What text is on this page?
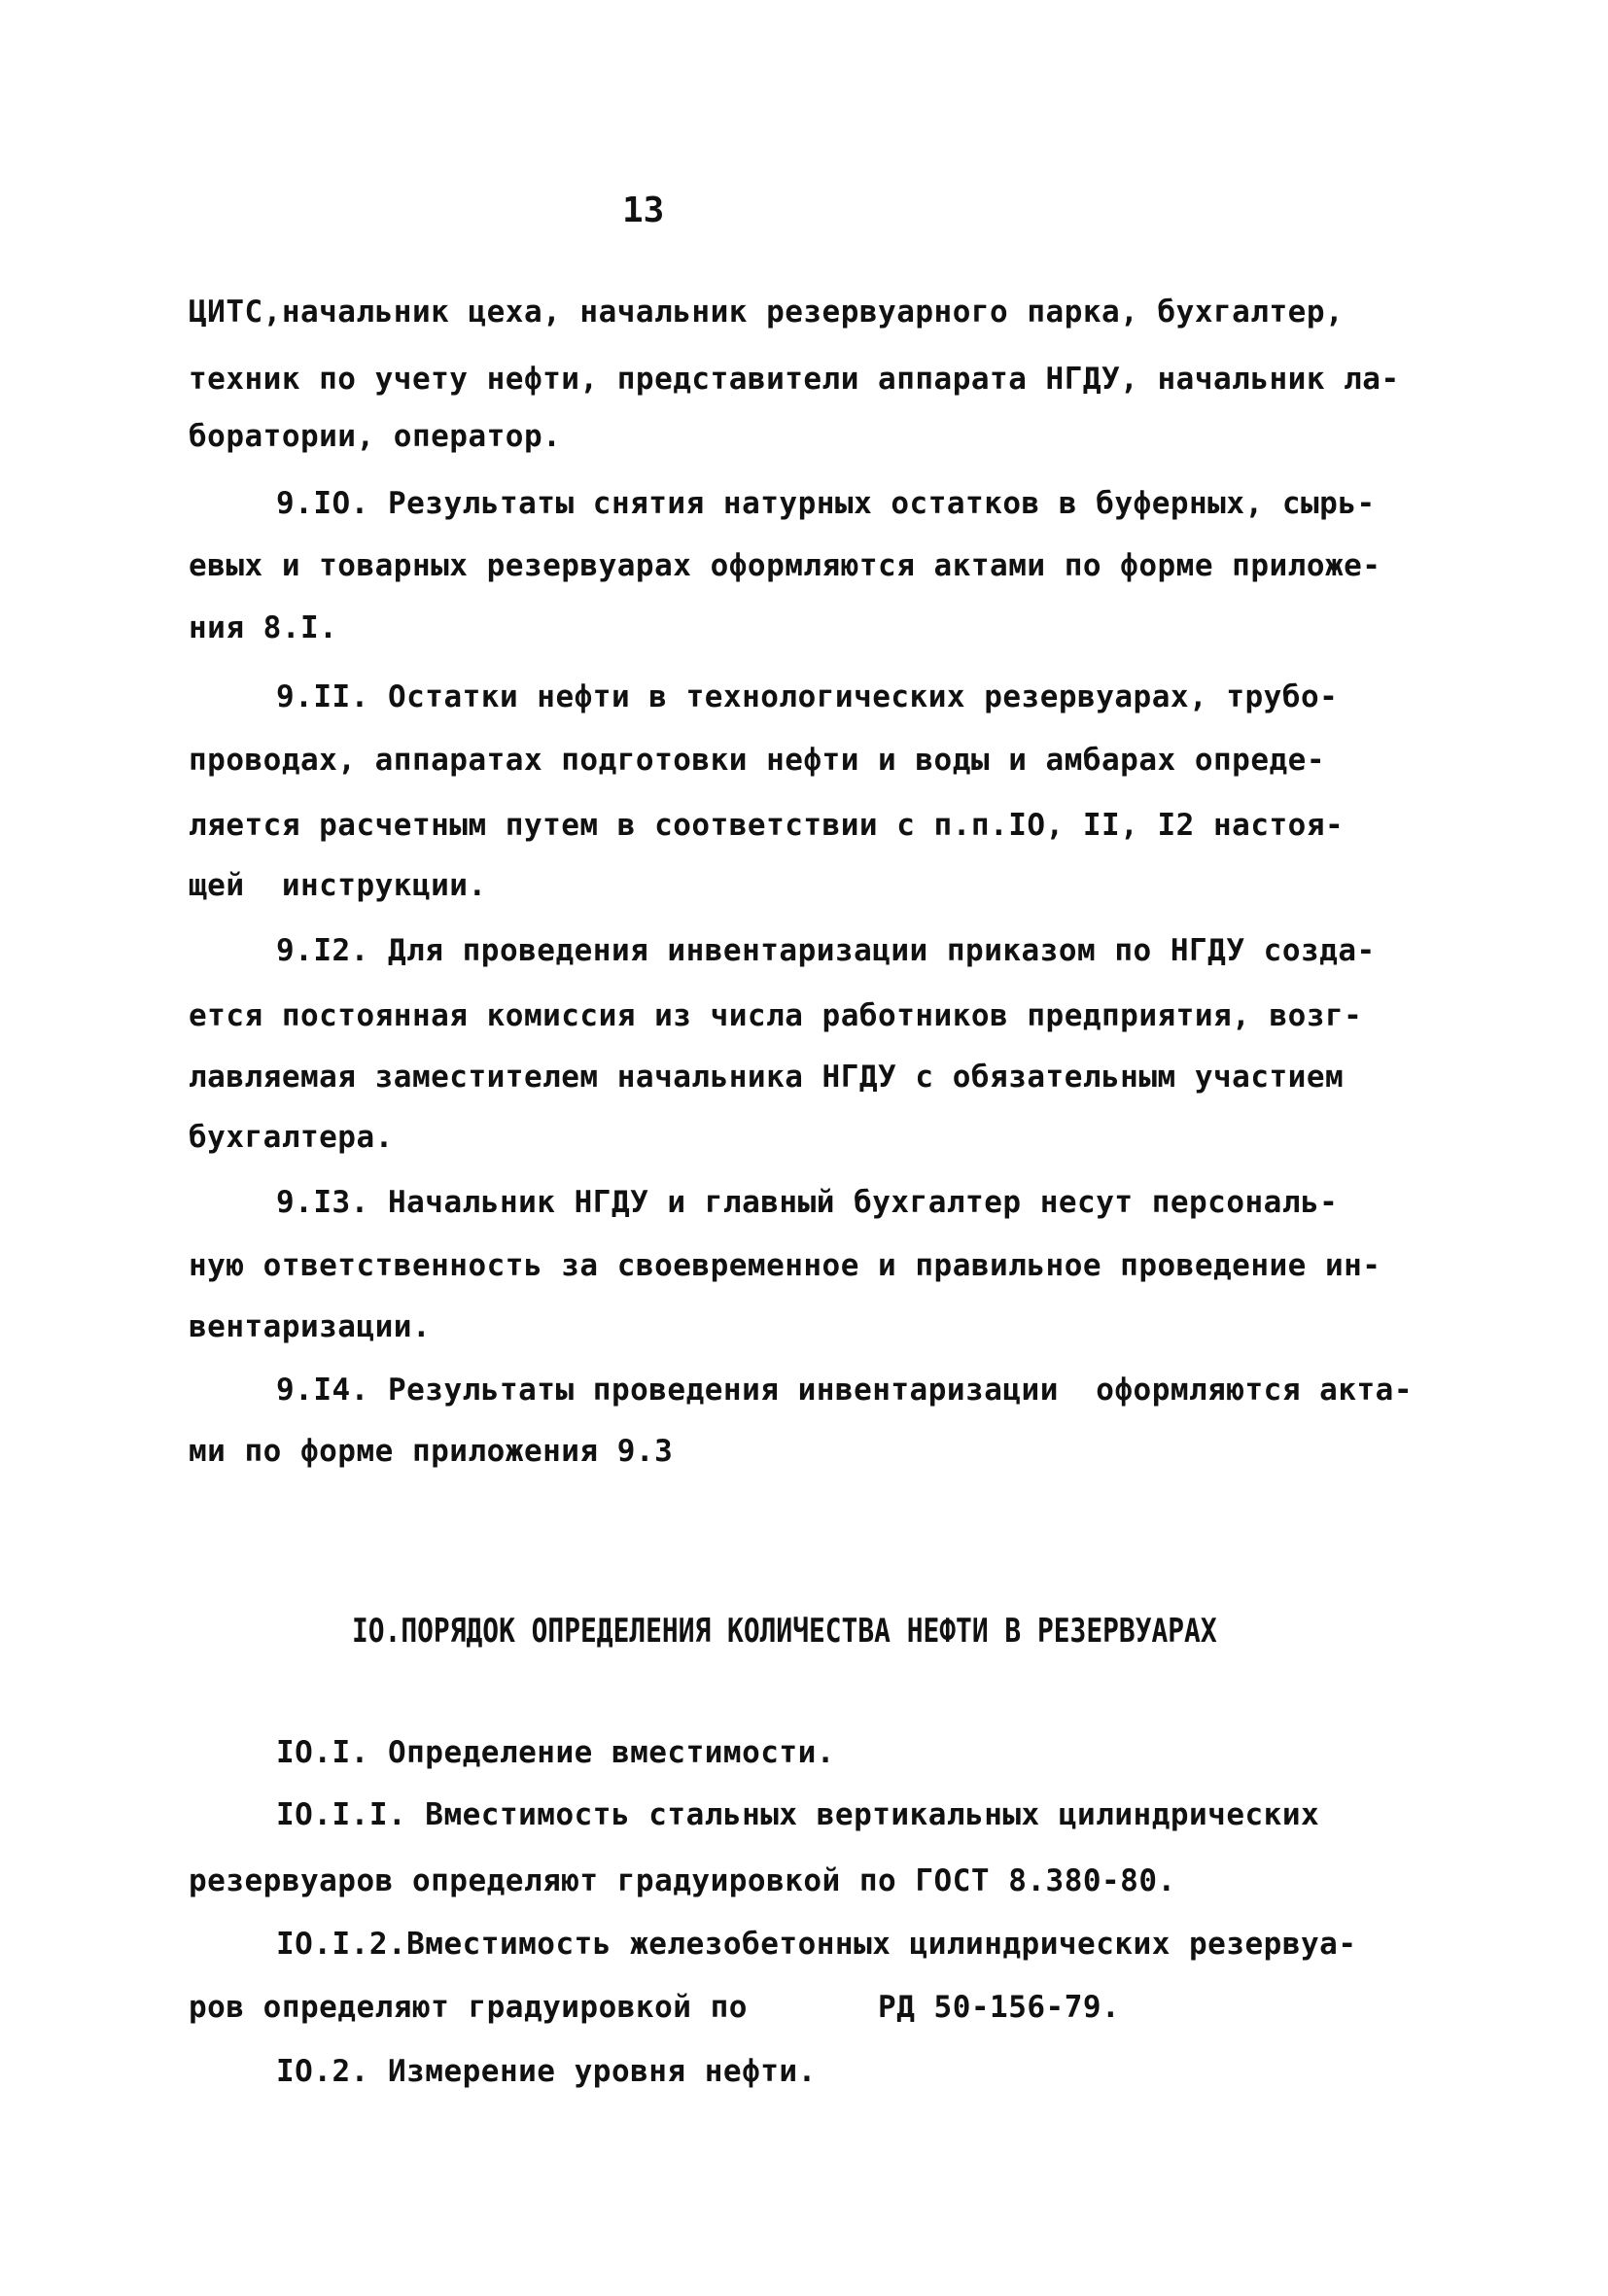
13
ЦИТС,начальник цеха, начальник резервуарного парка, бухгалтер,
техник по учету нефти, представители аппарата НГДУ, начальник ла-
боратории, оператор.
9.IO. Результаты снятия натурных остатков в буферных, сырь-
евых и товарных резервуарах оформляются актами по форме приложе-
ния 8.I.
9.II. Остатки нефти в технологических резервуарах, трубо-
проводах, аппаратах подготовки нефти и воды и амбарах опреде-
ляется расчетным путем в соответствии с п.п.IO, II, I2 настоя-
щей  инструкции.
9.I2. Для проведения инвентаризации приказом по НГДУ созда-
ется постоянная комиссия из числа работников предприятия, возг-
лавляемая заместителем начальника НГДУ с обязательным участием
бухгалтера.
9.I3. Начальник НГДУ и главный бухгалтер несут персональ-
ную ответственность за своевременное и правильное проведение ин-
вентаризации.
9.I4. Результаты проведения инвентаризации  оформляются акта-
ми по форме приложения 9.3
IO.ПОРЯДОК ОПРЕДЕЛЕНИЯ КОЛИЧЕСТВА НЕФТИ В РЕЗЕРВУАРАХ
IO.I. Определение вместимости.
IO.I.I. Вместимость стальных вертикальных цилиндрических
резервуаров определяют градуировкой по ГОСТ 8.380-80.
IO.I.2.Вместимость железобетонных цилиндрических резервуа-
ров определяют градуировкой по       РД 50-156-79.
IO.2. Измерение уровня нефти.
